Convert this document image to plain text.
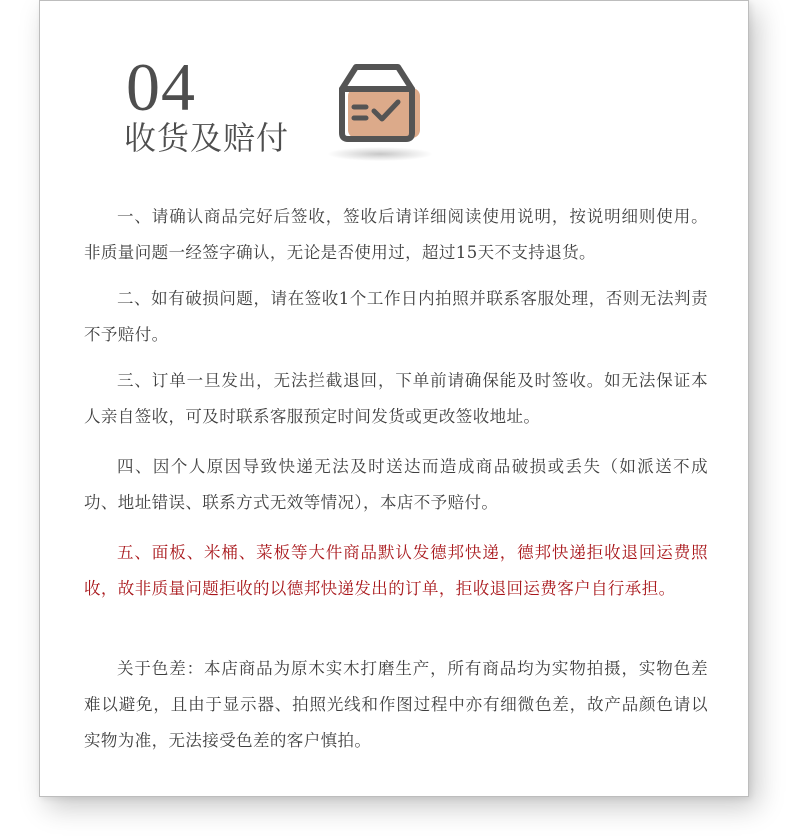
04
收货及赔付

一、请确认商品完好后签收，签收后请详细阅读使用说明，按说明细则使用。非质量问题一经签字确认，无论是否使用过，超过15天不支持退货。

二、如有破损问题，请在签收1个工作日内拍照并联系客服处理，否则无法判责不予赔付。

三、订单一旦发出，无法拦截退回，下单前请确保能及时签收。如无法保证本人亲自签收，可及时联系客服预定时间发货或更改签收地址。

四、因个人原因导致快递无法及时送达而造成商品破损或丢失（如派送不成功、地址错误、联系方式无效等情况），本店不予赔付。

五、面板、米桶、菜板等大件商品默认发德邦快递，德邦快递拒收退回运费照收，故非质量问题拒收的以德邦快递发出的订单，拒收退回运费客户自行承担。

关于色差：本店商品为原木实木打磨生产，所有商品均为实物拍摄，实物色差难以避免，且由于显示器、拍照光线和作图过程中亦有细微色差，故产品颜色请以实物为准，无法接受色差的客户慎拍。
